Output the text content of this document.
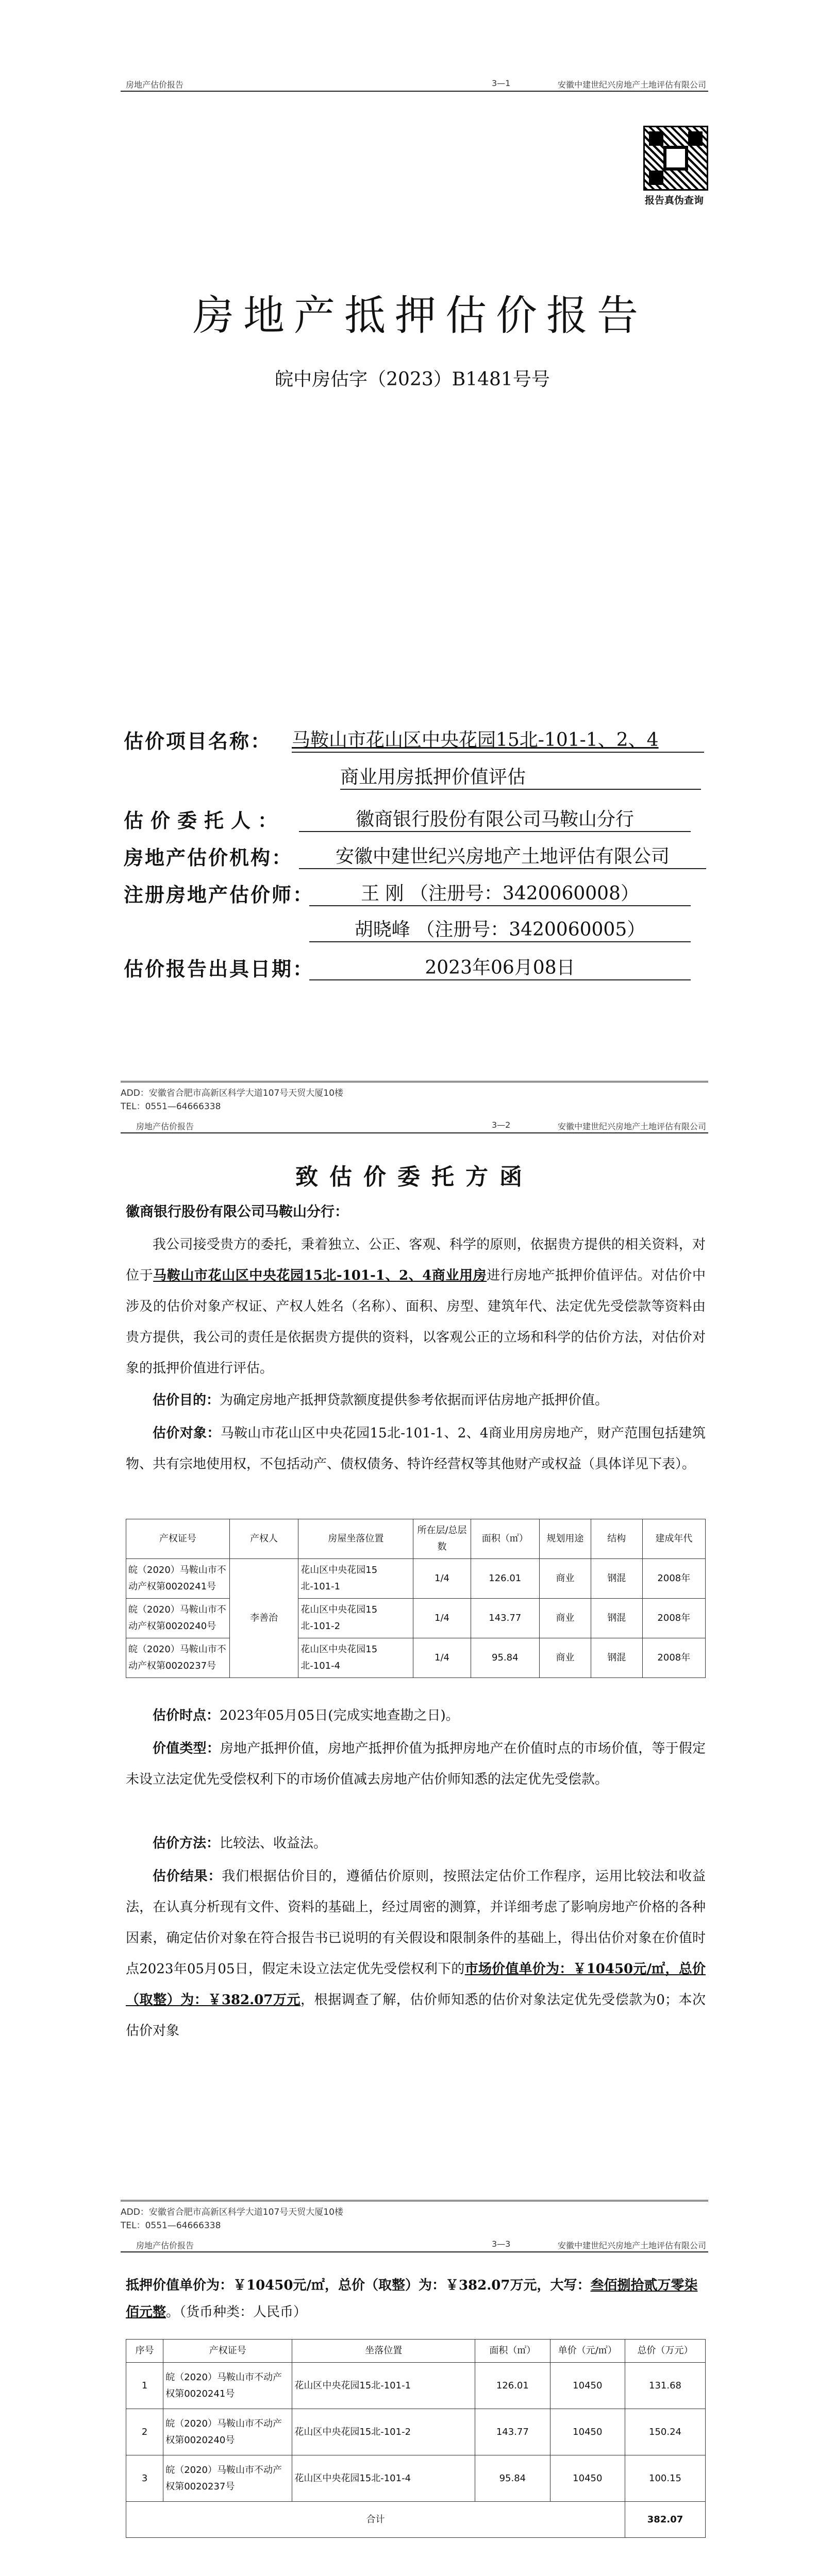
房地产估价报告	3—1	安徽中建世纪兴房地产土地评估有限公司
报告真伪查询
房地产抵押估价报告
皖中房估字（2023）B1481号号
估价项目名称： 马鞍山市花山区中央花园15北-101-1、2、4
商业用房抵押价值评估
估价委托人：	徽商银行股份有限公司马鞍山分行
房地产估价机构：	安徽中建世纪兴房地产土地评估有限公司
注册房地产估价师：	王 刚 （注册号：3420060008）
胡晓峰 （注册号：3420060005）
估价报告出具日期：	2023年06月08日
ADD：安徽省合肥市高新区科学大道107号天贸大厦10楼
TEL：0551—64666338
房地产估价报告	3—2	安徽中建世纪兴房地产土地评估有限公司
致估价委托方函
徽商银行股份有限公司马鞍山分行：
我公司接受贵方的委托，秉着独立、公正、客观、科学的原则，依据贵方提供的相关资料，对位于马鞍山市花山区中央花园15北-101-1、2、4商业用房进行房地产抵押价值评估。对估价中涉及的估价对象产权证、产权人姓名（名称）、面积、房型、建筑年代、法定优先受偿款等资料由贵方提供，我公司的责任是依据贵方提供的资料，以客观公正的立场和科学的估价方法，对估价对象的抵押价值进行评估。
估价目的：为确定房地产抵押贷款额度提供参考依据而评估房地产抵押价值。
估价对象：马鞍山市花山区中央花园15北-101-1、2、4商业用房房地产，财产范围包括建筑物、共有宗地使用权，不包括动产、债权债务、特许经营权等其他财产或权益（具体详见下表）。
产权证号	产权人	房屋坐落位置	所在层/总层数	面积（㎡）	规划用途	结构	建成年代
皖（2020）马鞍山市不动产权第0020241号	李善治	花山区中央花园15北-101-1	1/4	126.01	商业	钢混	2008年
皖（2020）马鞍山市不动产权第0020240号		花山区中央花园15北-101-2	1/4	143.77	商业	钢混	2008年
皖（2020）马鞍山市不动产权第0020237号		花山区中央花园15北-101-4	1/4	95.84	商业	钢混	2008年
估价时点：2023年05月05日(完成实地查勘之日)。
价值类型：房地产抵押价值，房地产抵押价值为抵押房地产在价值时点的市场价值，等于假定未设立法定优先受偿权利下的市场价值减去房地产估价师知悉的法定优先受偿款。
估价方法：比较法、收益法。
估价结果：我们根据估价目的，遵循估价原则，按照法定估价工作程序，运用比较法和收益法，在认真分析现有文件、资料的基础上，经过周密的测算，并详细考虑了影响房地产价格的各种因素，确定估价对象在符合报告书已说明的有关假设和限制条件的基础上，得出估价对象在价值时点2023年05月05日，假定未设立法定优先受偿权利下的市场价值单价为：￥10450元/㎡，总价（取整）为：￥382.07万元，根据调查了解，估价师知悉的估价对象法定优先受偿款为0；本次估价对象
ADD：安徽省合肥市高新区科学大道107号天贸大厦10楼
TEL：0551—64666338
房地产估价报告	3—3	安徽中建世纪兴房地产土地评估有限公司
抵押价值单价为：￥10450元/㎡，总价（取整）为：￥382.07万元，大写：叁佰捌拾贰万零柒佰元整。（货币种类：人民币）
序号	产权证号	坐落位置	面积（㎡）	单价（元/㎡）	总价（万元）
1	皖（2020）马鞍山市不动产权第0020241号	花山区中央花园15北-101-1	126.01	10450	131.68
2	皖（2020）马鞍山市不动产权第0020240号	花山区中央花园15北-101-2	143.77	10450	150.24
3	皖（2020）马鞍山市不动产权第0020237号	花山区中央花园15北-101-4	95.84	10450	100.15
合计					382.07
